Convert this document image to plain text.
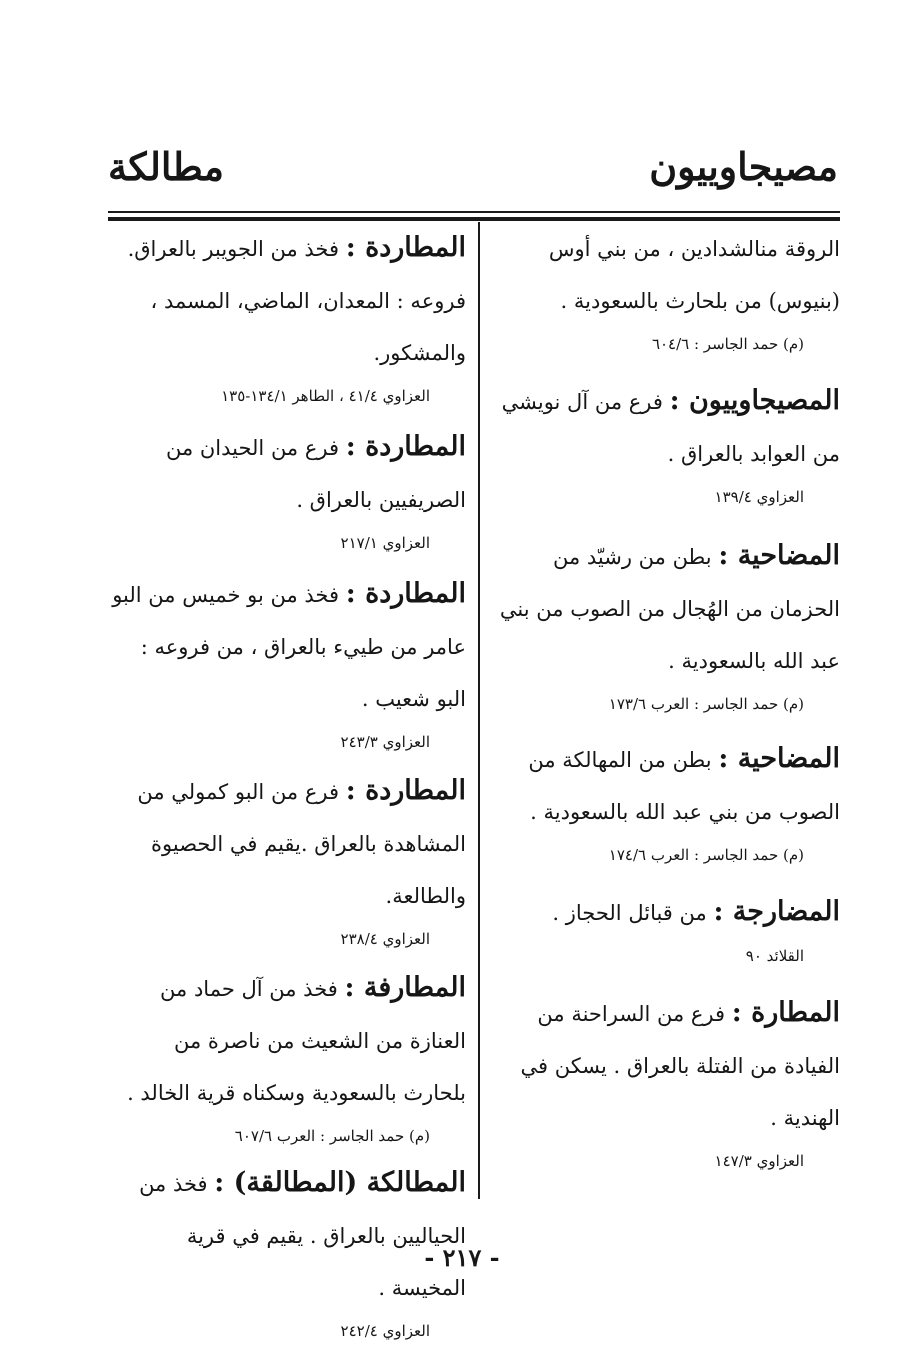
مصيجاوييون
مطالكة

الروقة منالشدادين ، من بني أوس (بنيوس) من بلحارث بالسعودية .

(م) حمد الجاسر : ٦٠٤/٦

المصيجاوييون : فرع من آل نويشي من العوابد بالعراق .

العزاوي ١٣٩/٤

المضاحية : بطن من رشيّد من الحزمان من الهُجال من الصوب من بني عبد الله بالسعودية .

(م) حمد الجاسر : العرب ١٧٣/٦

المضاحية : بطن من المهالكة من الصوب من بني عبد الله بالسعودية .

(م) حمد الجاسر : العرب ١٧٤/٦

المضارجة : من قبائل الحجاز .

القلائد ٩٠

المطارة : فرع من السراحنة من الفيادة من الفتلة بالعراق . يسكن في الهندية .

العزاوي ١٤٧/٣

المطاردة : فخذ من الجويبر بالعراق. فروعه : المعدان، الماضي، المسمد ، والمشكور.

العزاوي ٤١/٤ ، الطاهر ١٣٤/١-١٣٥

المطاردة : فرع من الحيدان من الصريفيين بالعراق .

العزاوي ٢١٧/١

المطاردة : فخذ من بو خميس من البو عامر من طييء بالعراق ، من فروعه : البو شعيب .

العزاوي ٢٤٣/٣

المطاردة : فرع من البو كمولي من المشاهدة بالعراق .يقيم في الحصيوة والطالعة.

العزاوي ٢٣٨/٤

المطارفة : فخذ من آل حماد من العنازة من الشعيث من ناصرة من بلحارث بالسعودية وسكناه قرية الخالد .

(م) حمد الجاسر : العرب ٦٠٧/٦

المطالكة (المطالقة) : فخذ من الحياليين بالعراق . يقيم في قرية المخيسة .

العزاوي ٢٤٢/٤

- ٢١٧ -
